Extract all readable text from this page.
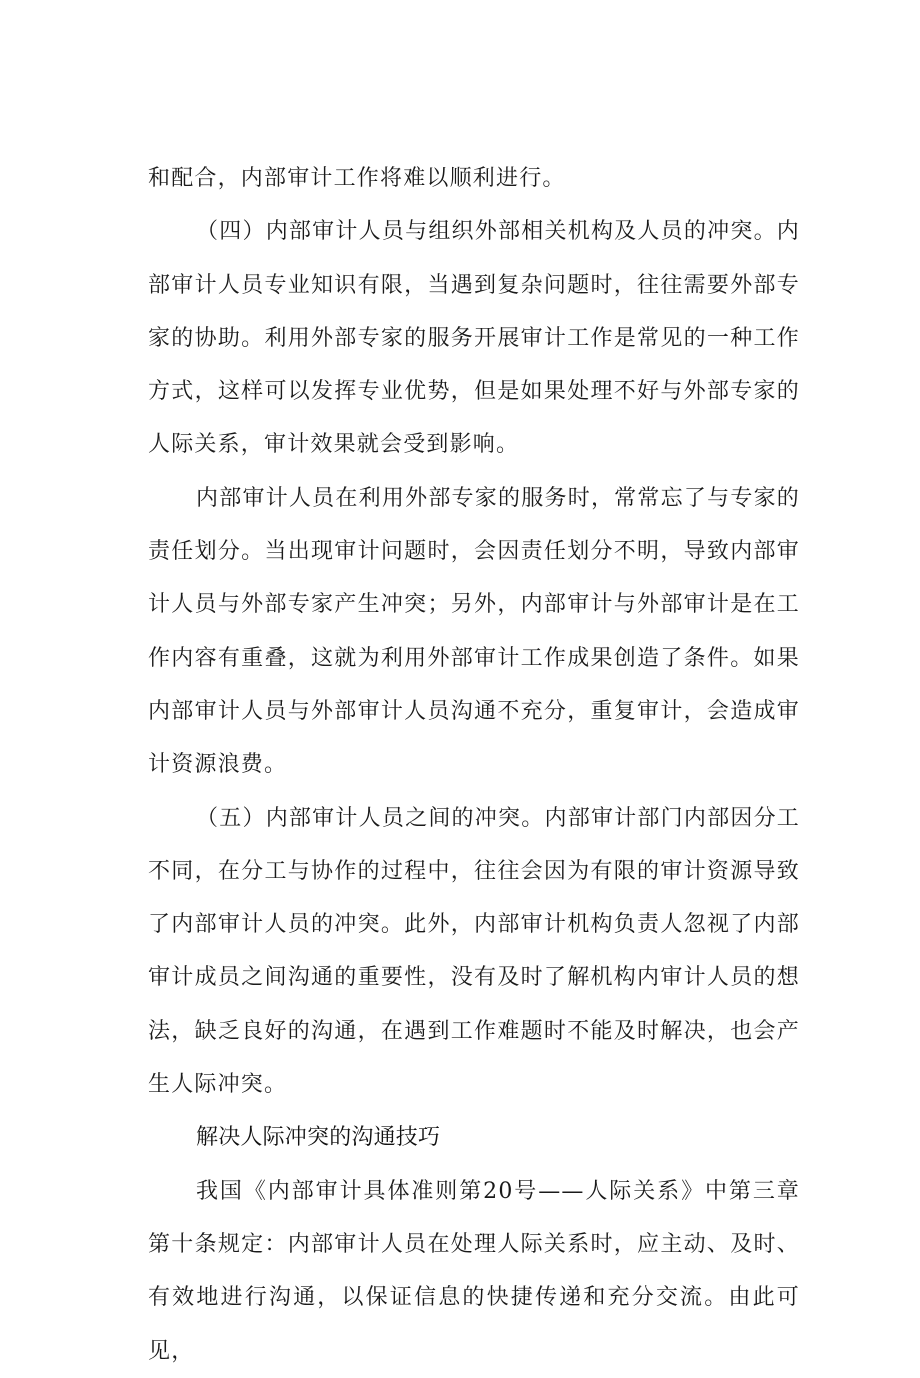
和配合，内部审计工作将难以顺利进行。

（四）内部审计人员与组织外部相关机构及人员的冲突。内部审计人员专业知识有限，当遇到复杂问题时，往往需要外部专家的协助。利用外部专家的服务开展审计工作是常见的一种工作方式，这样可以发挥专业优势，但是如果处理不好与外部专家的人际关系，审计效果就会受到影响。

内部审计人员在利用外部专家的服务时，常常忘了与专家的责任划分。当出现审计问题时，会因责任划分不明，导致内部审计人员与外部专家产生冲突；另外，内部审计与外部审计是在工作内容有重叠，这就为利用外部审计工作成果创造了条件。如果内部审计人员与外部审计人员沟通不充分，重复审计，会造成审计资源浪费。

（五）内部审计人员之间的冲突。内部审计部门内部因分工不同，在分工与协作的过程中，往往会因为有限的审计资源导致了内部审计人员的冲突。此外，内部审计机构负责人忽视了内部审计成员之间沟通的重要性，没有及时了解机构内审计人员的想法，缺乏良好的沟通，在遇到工作难题时不能及时解决，也会产生人际冲突。

解决人际冲突的沟通技巧

我国《内部审计具体准则第20号——人际关系》中第三章第十条规定：内部审计人员在处理人际关系时，应主动、及时、有效地进行沟通，以保证信息的快捷传递和充分交流。由此可见，
